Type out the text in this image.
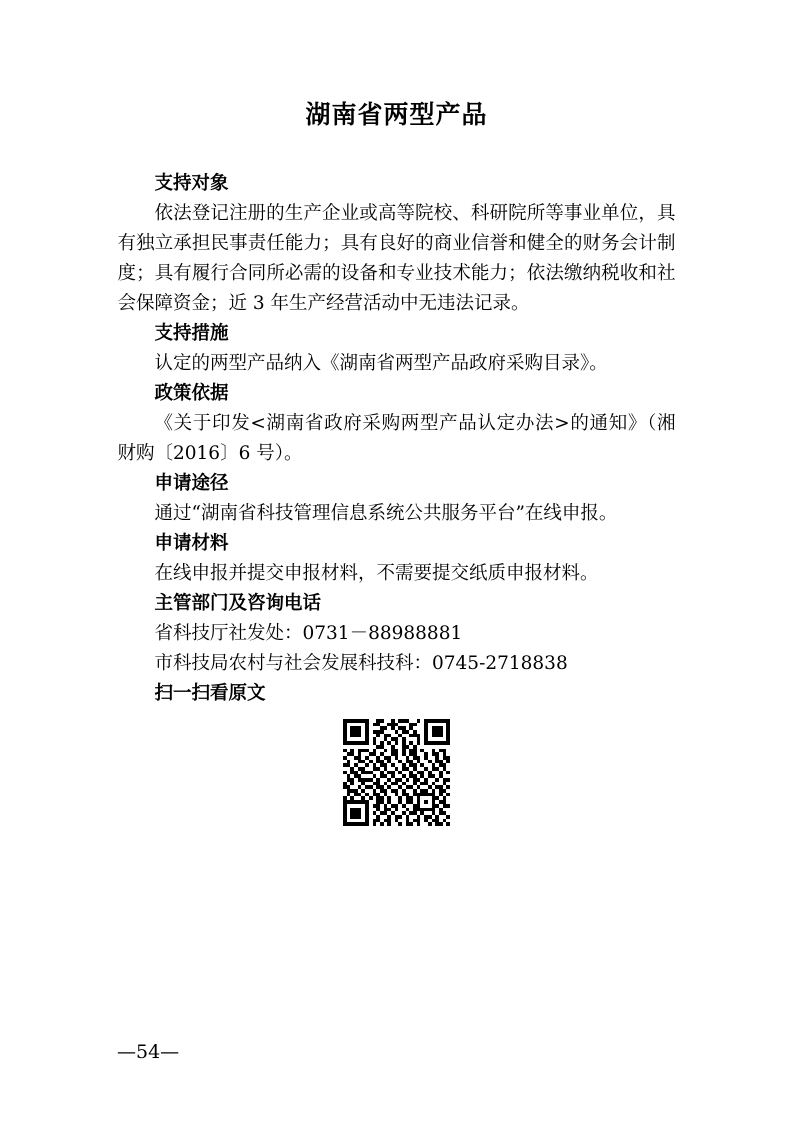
湖南省两型产品
支持对象

依法登记注册的生产企业或高等院校、科研院所等事业单位，具有独立承担民事责任能力；具有良好的商业信誉和健全的财务会计制度；具有履行合同所必需的设备和专业技术能力；依法缴纳税收和社会保障资金；近 3 年生产经营活动中无违法记录。

支持措施

认定的两型产品纳入《湖南省两型产品政府采购目录》。

政策依据

《关于印发<湖南省政府采购两型产品认定办法>的通知》（湘财购〔2016〕6 号）。

申请途径

通过“湖南省科技管理信息系统公共服务平台”在线申报。

申请材料

在线申报并提交申报材料，不需要提交纸质申报材料。

主管部门及咨询电话

省科技厅社发处：0731－88988881

市科技局农村与社会发展科技科：0745-2718838

扫一扫看原文
—54—
